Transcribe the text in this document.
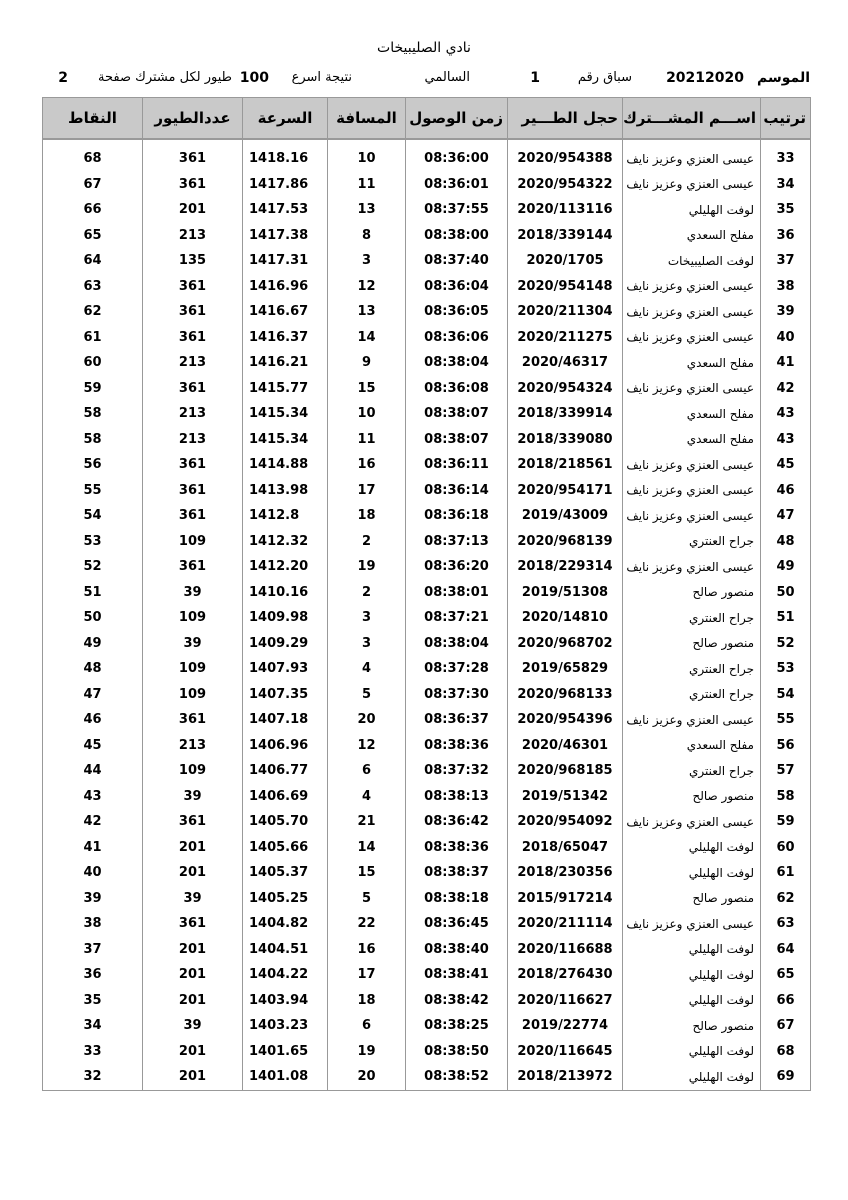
نادي الصليبيخات
الموسم
20212020
سباق رقم
1
السالمي
نتيجة اسرع
100
طيور لكل مشترك صفحة
2
ترتيب	اســـم المشـــترك	حجل الطـــير	زمن الوصول	المسافة	السرعة	عددالطيور	النقاط

33	عيسى العنزي وعزيز نايف	2020/954388	08:36:00	10	1418.16	361	68
34	عيسى العنزي وعزيز نايف	2020/954322	08:36:01	11	1417.86	361	67
35	لوفت الهليلي	2020/113116	08:37:55	13	1417.53	201	66
36	مفلح السعدي	2018/339144	08:38:00	8	1417.38	213	65
37	لوفت الصليبيخات	2020/1705	08:37:40	3	1417.31	135	64
38	عيسى العنزي وعزيز نايف	2020/954148	08:36:04	12	1416.96	361	63
39	عيسى العنزي وعزيز نايف	2020/211304	08:36:05	13	1416.67	361	62
40	عيسى العنزي وعزيز نايف	2020/211275	08:36:06	14	1416.37	361	61
41	مفلح السعدي	2020/46317	08:38:04	9	1416.21	213	60
42	عيسى العنزي وعزيز نايف	2020/954324	08:36:08	15	1415.77	361	59
43	مفلح السعدي	2018/339914	08:38:07	10	1415.34	213	58
43	مفلح السعدي	2018/339080	08:38:07	11	1415.34	213	58
45	عيسى العنزي وعزيز نايف	2018/218561	08:36:11	16	1414.88	361	56
46	عيسى العنزي وعزيز نايف	2020/954171	08:36:14	17	1413.98	361	55
47	عيسى العنزي وعزيز نايف	2019/43009	08:36:18	18	1412.8	361	54
48	جراح العنتري	2020/968139	08:37:13	2	1412.32	109	53
49	عيسى العنزي وعزيز نايف	2018/229314	08:36:20	19	1412.20	361	52
50	منصور صالح	2019/51308	08:38:01	2	1410.16	39	51
51	جراح العنتري	2020/14810	08:37:21	3	1409.98	109	50
52	منصور صالح	2020/968702	08:38:04	3	1409.29	39	49
53	جراح العنتري	2019/65829	08:37:28	4	1407.93	109	48
54	جراح العنتري	2020/968133	08:37:30	5	1407.35	109	47
55	عيسى العنزي وعزيز نايف	2020/954396	08:36:37	20	1407.18	361	46
56	مفلح السعدي	2020/46301	08:38:36	12	1406.96	213	45
57	جراح العنتري	2020/968185	08:37:32	6	1406.77	109	44
58	منصور صالح	2019/51342	08:38:13	4	1406.69	39	43
59	عيسى العنزي وعزيز نايف	2020/954092	08:36:42	21	1405.70	361	42
60	لوفت الهليلي	2018/65047	08:38:36	14	1405.66	201	41
61	لوفت الهليلي	2018/230356	08:38:37	15	1405.37	201	40
62	منصور صالح	2015/917214	08:38:18	5	1405.25	39	39
63	عيسى العنزي وعزيز نايف	2020/211114	08:36:45	22	1404.82	361	38
64	لوفت الهليلي	2020/116688	08:38:40	16	1404.51	201	37
65	لوفت الهليلي	2018/276430	08:38:41	17	1404.22	201	36
66	لوفت الهليلي	2020/116627	08:38:42	18	1403.94	201	35
67	منصور صالح	2019/22774	08:38:25	6	1403.23	39	34
68	لوفت الهليلي	2020/116645	08:38:50	19	1401.65	201	33
69	لوفت الهليلي	2018/213972	08:38:52	20	1401.08	201	32
